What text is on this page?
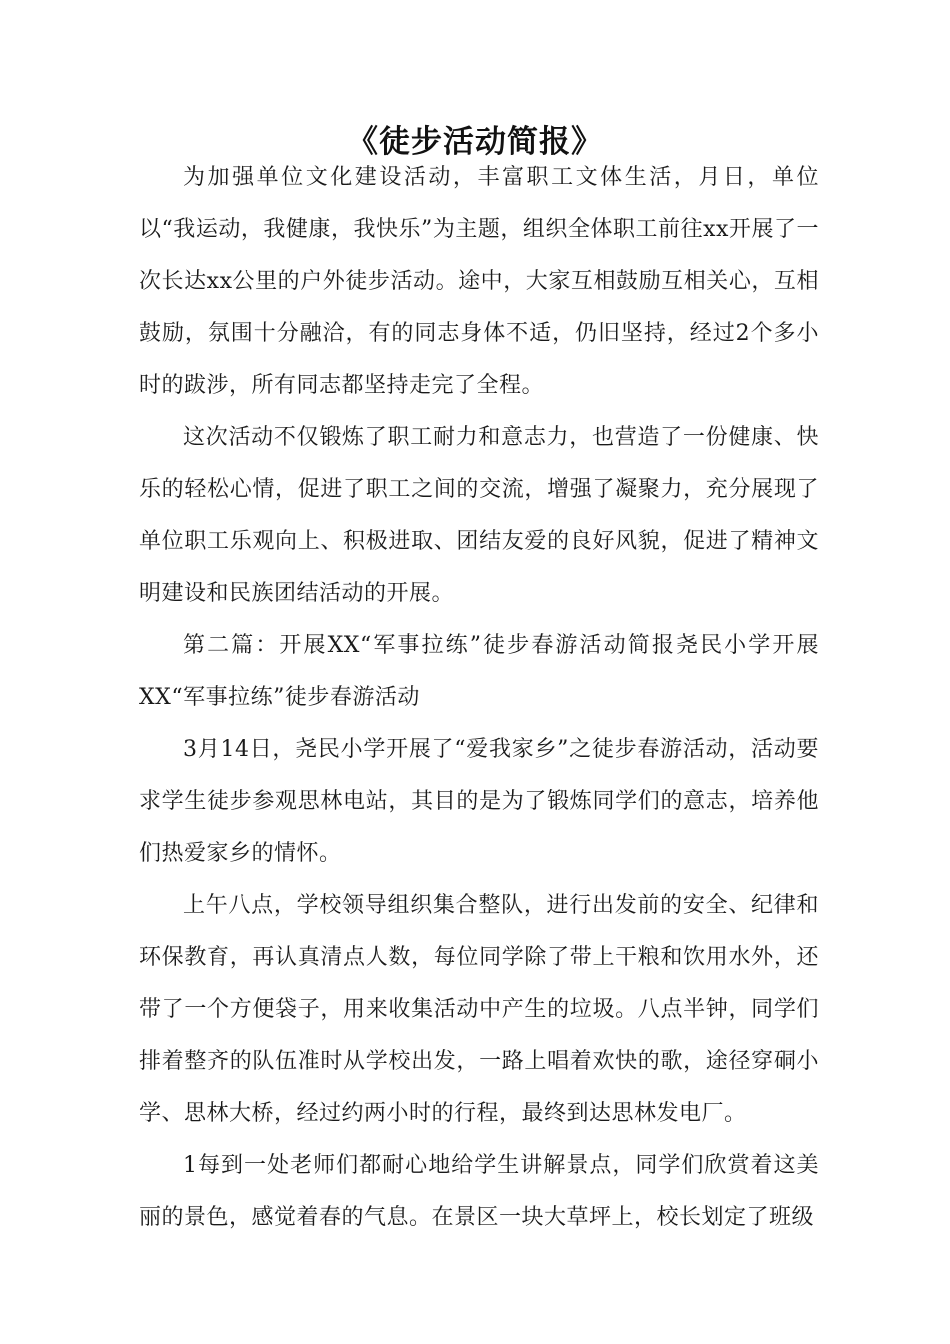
《徒步活动简报》

为加强单位文化建设活动，丰富职工文体生活，月日，单位以“我运动，我健康，我快乐”为主题，组织全体职工前往xx开展了一次长达xx公里的户外徒步活动。途中，大家互相鼓励互相关心，互相鼓励，氛围十分融洽，有的同志身体不适，仍旧坚持，经过2个多小时的跋涉，所有同志都坚持走完了全程。

这次活动不仅锻炼了职工耐力和意志力，也营造了一份健康、快乐的轻松心情，促进了职工之间的交流，增强了凝聚力，充分展现了单位职工乐观向上、积极进取、团结友爱的良好风貌，促进了精神文明建设和民族团结活动的开展。

第二篇：开展XX“军事拉练”徒步春游活动简报尧民小学开展XX“军事拉练”徒步春游活动

3月14日，尧民小学开展了“爱我家乡”之徒步春游活动，活动要求学生徒步参观思林电站，其目的是为了锻炼同学们的意志，培养他们热爱家乡的情怀。

上午八点，学校领导组织集合整队，进行出发前的安全、纪律和环保教育，再认真清点人数，每位同学除了带上干粮和饮用水外，还带了一个方便袋子，用来收集活动中产生的垃圾。八点半钟，同学们排着整齐的队伍准时从学校出发，一路上唱着欢快的歌，途径穿硐小学、思林大桥，经过约两小时的行程，最终到达思林发电厂。

1每到一处老师们都耐心地给学生讲解景点，同学们欣赏着这美丽的景色，感觉着春的气息。在景区一块大草坪上，校长划定了班级
